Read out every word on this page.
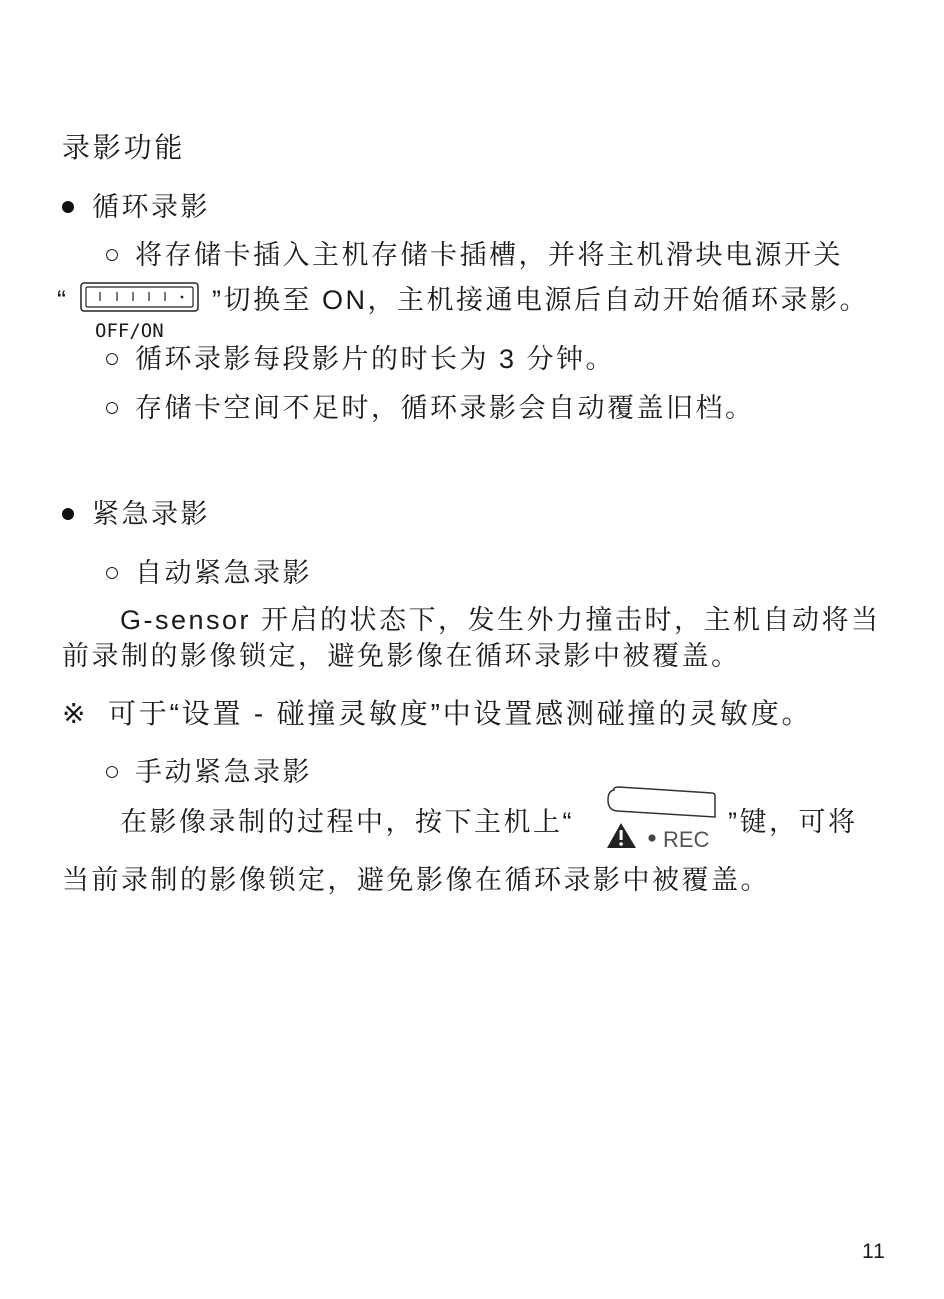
录影功能
循环录影
将存储卡插入主机存储卡插槽，并将主机滑块电源开关
“	”切换至 ON，主机接通电源后自动开始循环录影。
OFF/ON
循环录影每段影片的时长为 3 分钟。
存储卡空间不足时，循环录影会自动覆盖旧档。
紧急录影
自动紧急录影
G-sensor 开启的状态下，发生外力撞击时，主机自动将当
前录制的影像锁定，避免影像在循环录影中被覆盖。
※ 可于“设置 - 碰撞灵敏度”中设置感测碰撞的灵敏度。
手动紧急录影
在影像录制的过程中，按下主机上“
REC
”键，可将
当前录制的影像锁定，避免影像在循环录影中被覆盖。
11
